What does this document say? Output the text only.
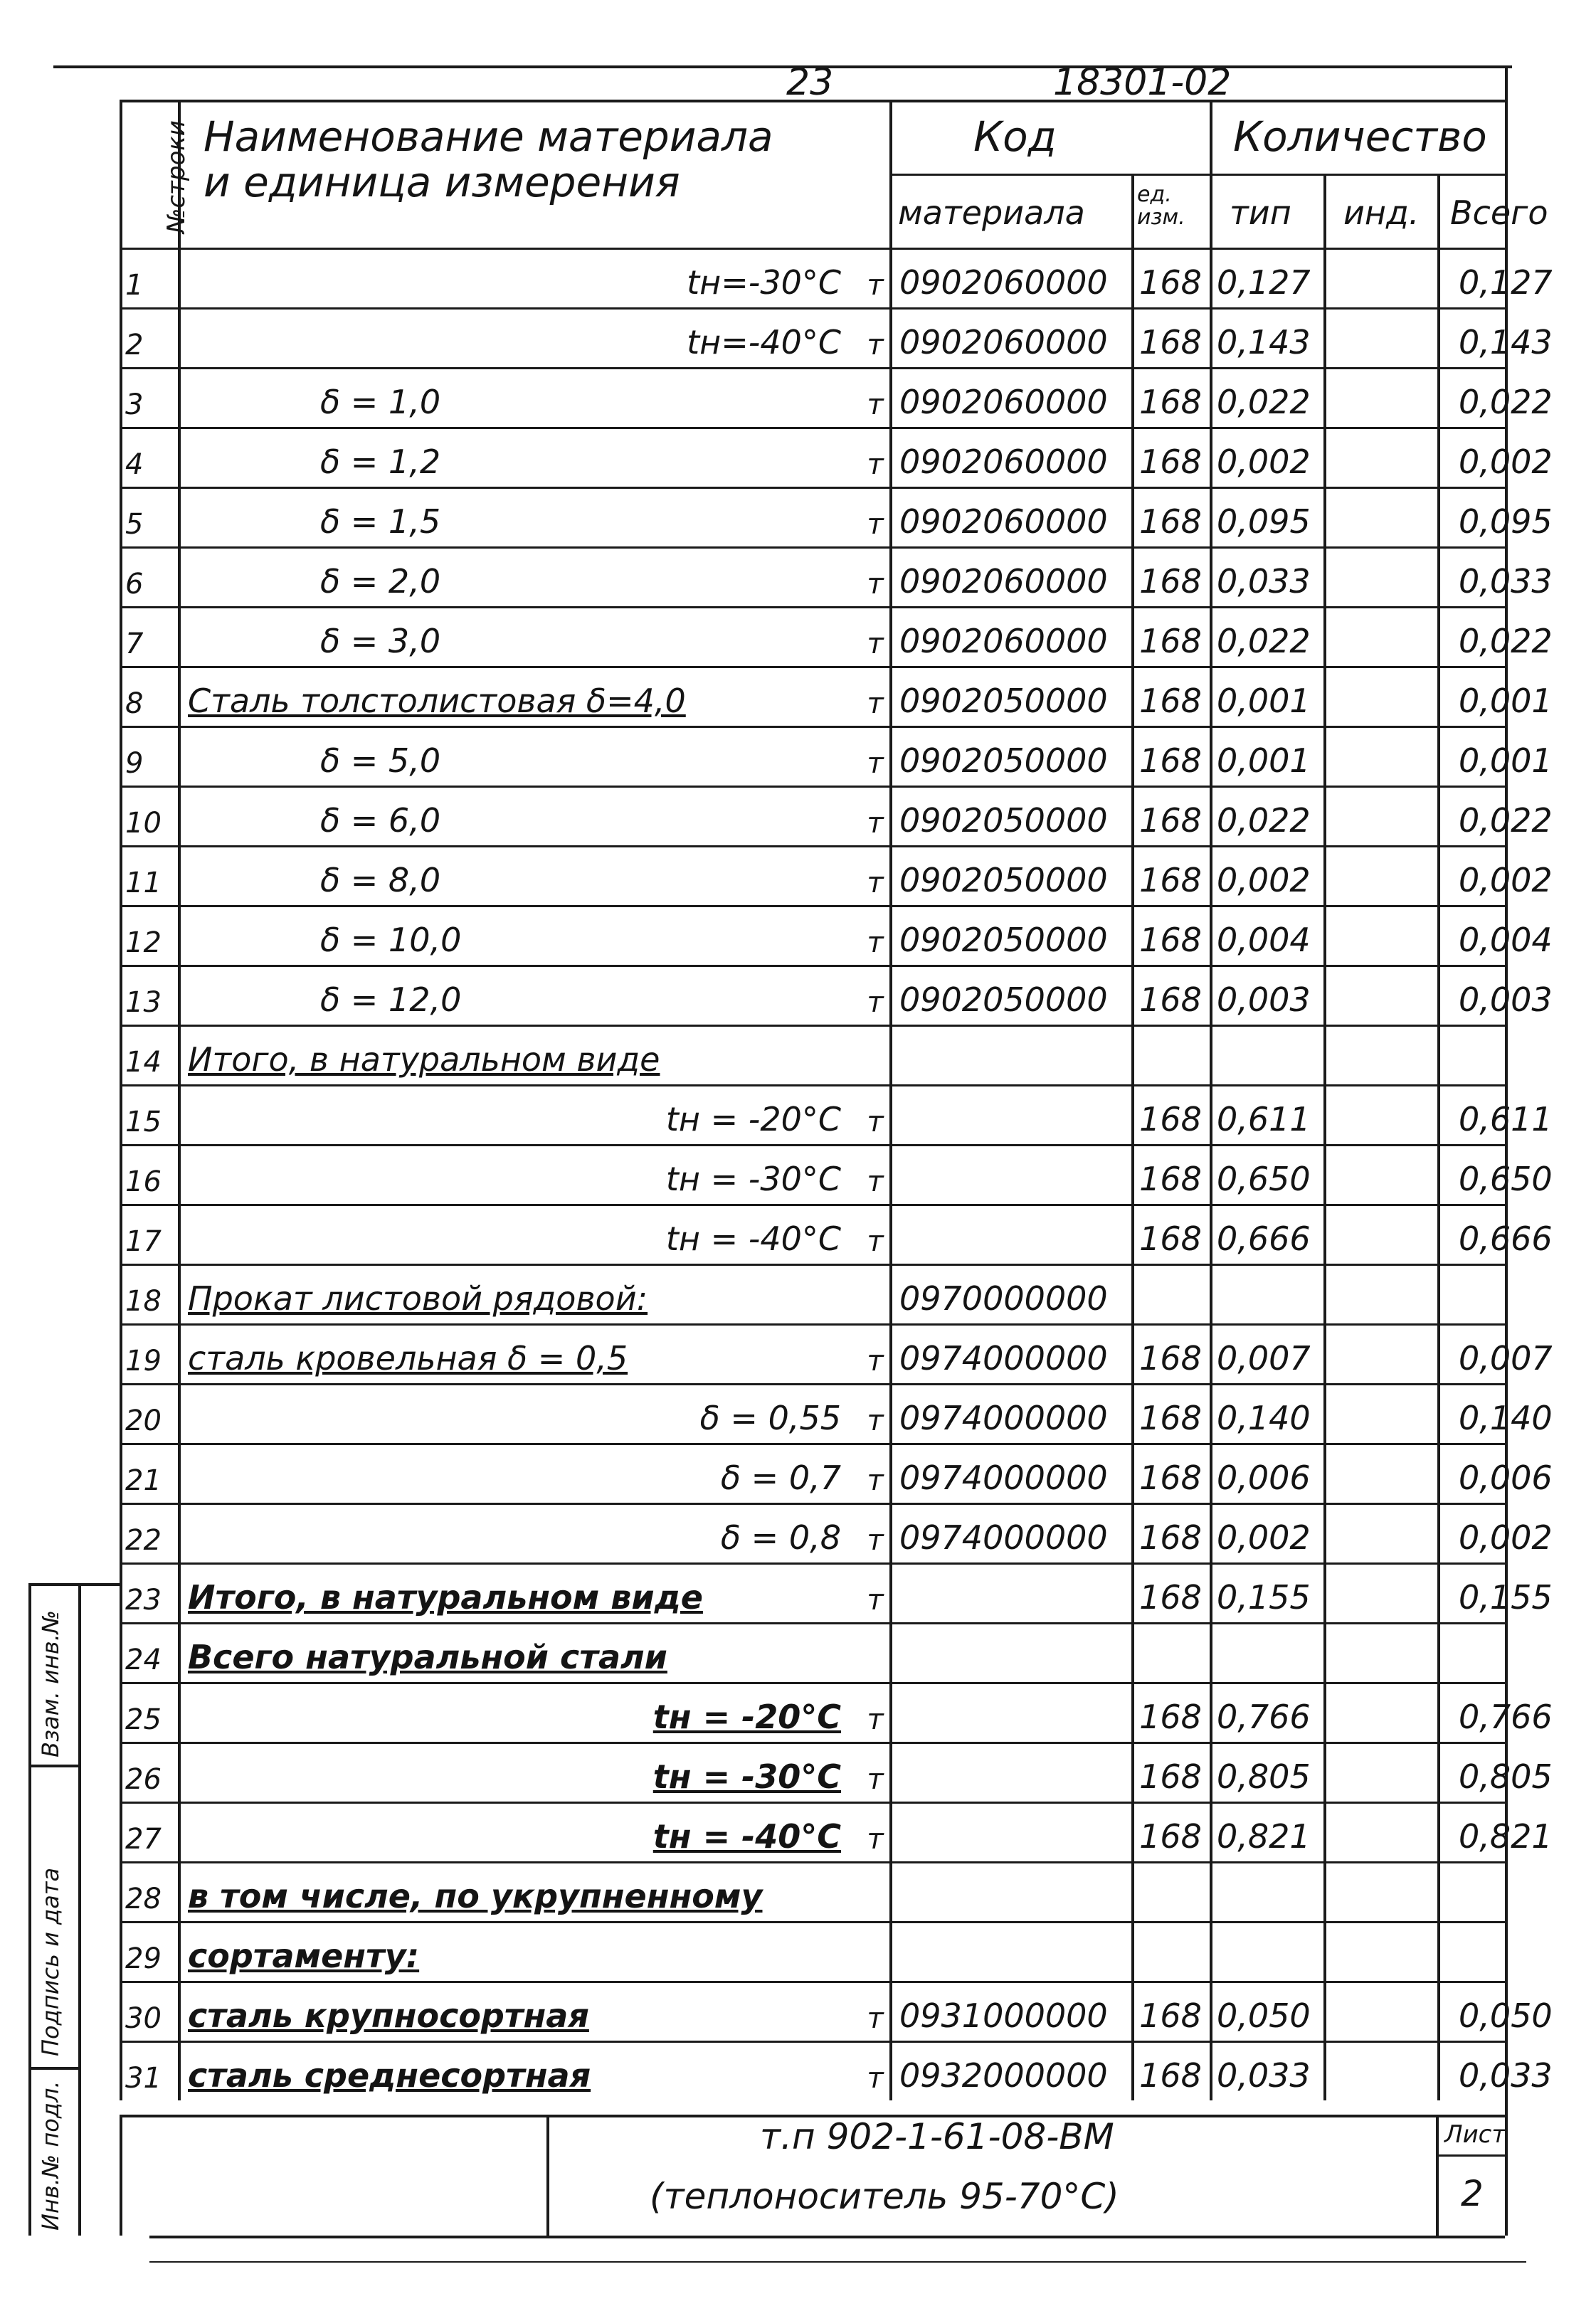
23	18301-02
№строки Наименование материала
и единица измерения
Код	Количество
материала ед. изм.	тип инд. Всего
1	tн=-30°C т 0902060000 168 0,127	0,127
2	tн=-40°C т 0902060000 168 0,143	0,143
3	δ = 1,0	т 0902060000 168 0,022	0,022
4	δ = 1,2	т 0902060000 168 0,002	0,002
5	δ = 1,5	т 0902060000 168 0,095	0,095
6	δ = 2,0	т 0902060000 168 0,033	0,033
7	δ = 3,0	т 0902060000 168 0,022	0,022
8	Сталь толстолистовая δ=4,0	т 0902050000 168 0,001	0,001
9	δ = 5,0	т 0902050000 168 0,001	0,001
10	δ = 6,0	т 0902050000 168 0,022	0,022
11	δ = 8,0	т 0902050000 168 0,002	0,002
12	δ = 10,0	т 0902050000 168 0,004	0,004
13	δ = 12,0	т 0902050000 168 0,003	0,003
14 Итого, в натуральном виде
15	tн = -20°C т	168 0,611	0,611
16	tн = -30°C т	168 0,650	0,650
17	tн = -40°C т	168 0,666	0,666
18 Прокат листовой рядовой:	0970000000
19 сталь кровельная δ = 0,5	т 0974000000 168 0,007	0,007
20	δ = 0,55 т 0974000000 168 0,140	0,140
21	δ = 0,7 т 0974000000 168 0,006	0,006
22	δ = 0,8 т 0974000000 168 0,002	0,002
23 Итого, в натуральном виде	т	168 0,155	0,155
24 Всего натуральной стали
25	tн = -20°C т	168 0,766	0,766
26	tн = -30°C т	168 0,805	0,805
27	tн = -40°C т	168 0,821	0,821
28 в том числе, по укрупненному
29 сортаменту:
30 сталь крупносортная	т 0931000000 168 0,050	0,050
31 сталь среднесортная	т 0932000000 168 0,033	0,033
т.п 902-1-61-08-ВМ
(теплоноситель 95-70°C)
Лист
2
Взам. инв.№
Подпись и дата
Инв.№ подл.
